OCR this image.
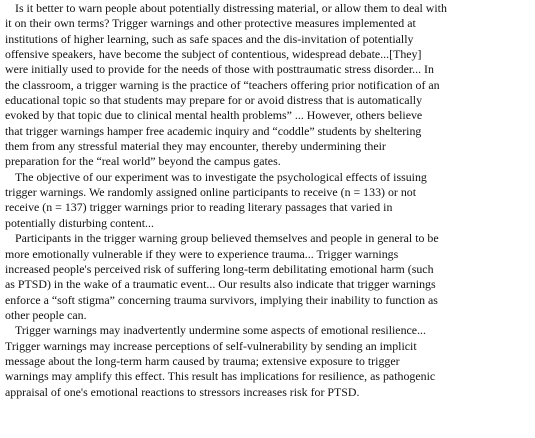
Is it better to warn people about potentially distressing material, or allow them to deal with
it on their own terms? Trigger warnings and other protective measures implemented at
institutions of higher learning, such as safe spaces and the dis-invitation of potentially
offensive speakers, have become the subject of contentious, widespread debate...[They]
were initially used to provide for the needs of those with posttraumatic stress disorder... In
the classroom, a trigger warning is the practice of “teachers offering prior notification of an
educational topic so that students may prepare for or avoid distress that is automatically
evoked by that topic due to clinical mental health problems” ... However, others believe
that trigger warnings hamper free academic inquiry and “coddle” students by sheltering
them from any stressful material they may encounter, thereby undermining their
preparation for the “real world” beyond the campus gates.

The objective of our experiment was to investigate the psychological effects of issuing
trigger warnings. We randomly assigned online participants to receive (n = 133) or not
receive (n = 137) trigger warnings prior to reading literary passages that varied in
potentially disturbing content...

Participants in the trigger warning group believed themselves and people in general to be
more emotionally vulnerable if they were to experience trauma... Trigger warnings
increased people's perceived risk of suffering long-term debilitating emotional harm (such
as PTSD) in the wake of a traumatic event... Our results also indicate that trigger warnings
enforce a “soft stigma” concerning trauma survivors, implying their inability to function as
other people can.

Trigger warnings may inadvertently undermine some aspects of emotional resilience...
Trigger warnings may increase perceptions of self-vulnerability by sending an implicit
message about the long-term harm caused by trauma; extensive exposure to trigger
warnings may amplify this effect. This result has implications for resilience, as pathogenic
appraisal of one's emotional reactions to stressors increases risk for PTSD.
